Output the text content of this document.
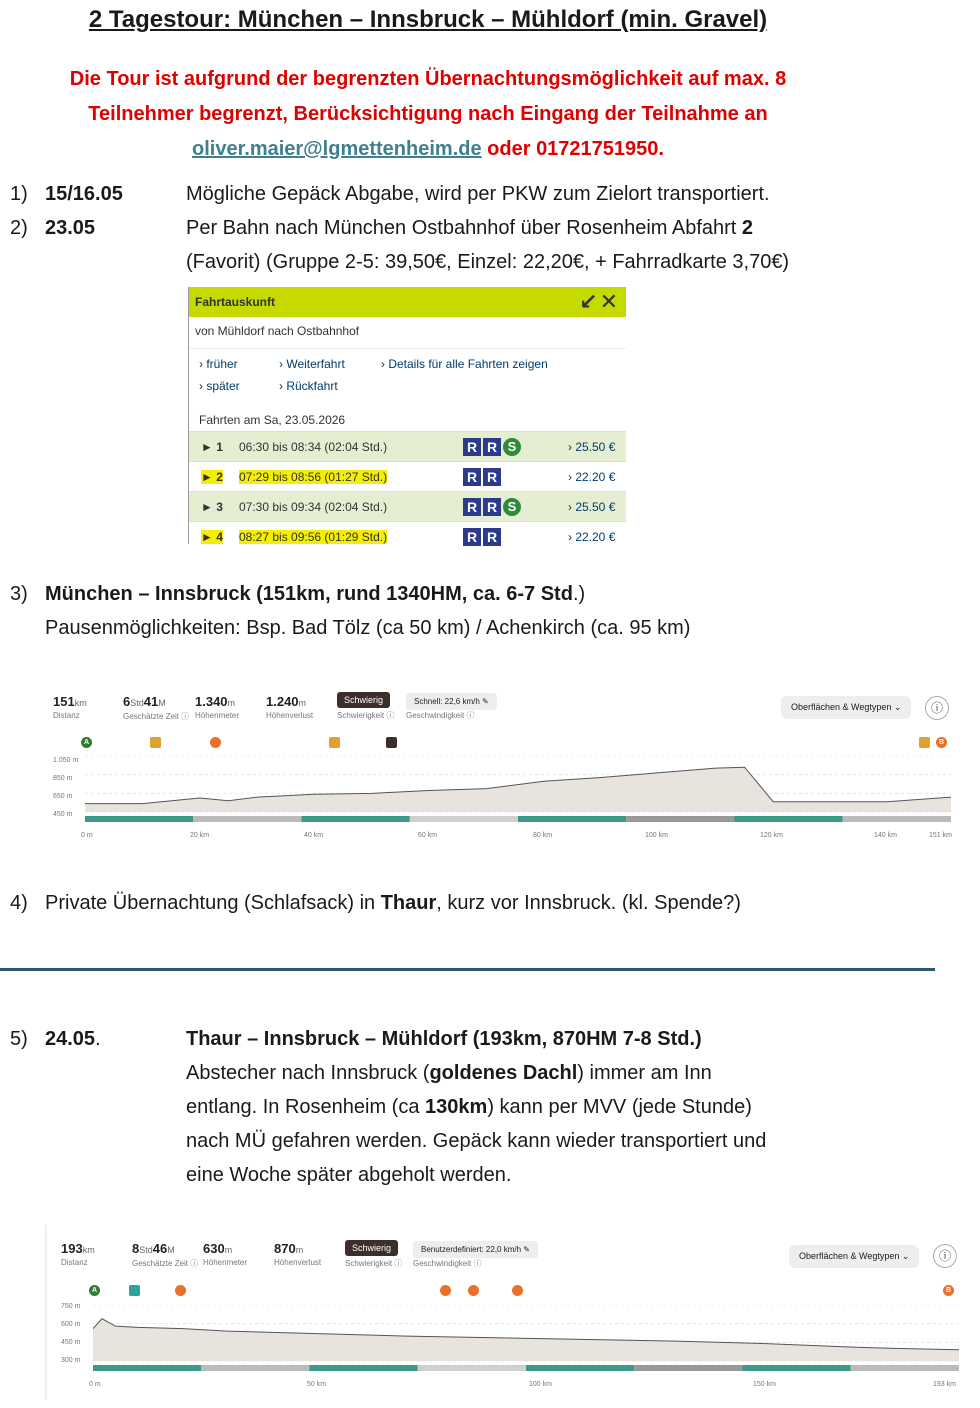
2 Tagestour: München – Innsbruck – Mühldorf (min. Gravel)
Die Tour ist aufgrund der begrenzten Übernachtungsmöglichkeit auf max. 8
Teilnehmer begrenzt, Berücksichtigung nach Eingang der Teilnahme an
oliver.maier@lgmettenheim.de oder 01721751950.
1) 15/16.05	Mögliche Gepäck Abgabe, wird per PKW zum Zielort transportiert.
2) 23.05	Per Bahn nach München Ostbahnhof über Rosenheim Abfahrt 2
(Favorit) (Gruppe 2-5: 39,50€, Einzel: 22,20€, + Fahrradkarte 3,70€)
Fahrtauskunft	↙✕
von Mühldorf nach Ostbahnhof
› früher	› Weiterfahrt	› Details für alle Fahrten zeigen
› später	› Rückfahrt
Fahrten am Sa, 23.05.2026
► 1	06:30 bis 08:34 (02:04 Std.)	R R S	› 25.50 €
► 2	07:29 bis 08:56 (01:27 Std.)	R R	› 22.20 €
► 3	07:30 bis 09:34 (02:04 Std.)	R R S	› 25.50 €
► 4	08:27 bis 09:56 (01:29 Std.)	R R	› 22.20 €
3) München – Innsbruck (151km, rund 1340HM, ca. 6-7 Std.)
Pausenmöglichkeiten: Bsp. Bad Tölz (ca 50 km) / Achenkirch (ca. 95 km)
151km
Distanz
6Std41M
Geschätzte Zeit ⓘ
1.340m
Höhenmeter
1.240m
Höhenverlust
Schwierig
Schwierigkeit ⓘ
Schnell: 22,6 km/h ✎
Geschwindigkeit ⓘ
Oberflächen & Wegtypen ⌄	ⓘ
A	B
1.050 m
850 m
650 m
450 m
0 m	20 km	40 km	60 km	80 km	100 km	120 km	140 km	151 km
4) Private Übernachtung (Schlafsack) in Thaur, kurz vor Innsbruck. (kl. Spende?)
5) 24.05.	Thaur – Innsbruck – Mühldorf (193km, 870HM 7-8 Std.)
Abstecher nach Innsbruck (goldenes Dachl) immer am Inn
entlang. In Rosenheim (ca 130km) kann per MVV (jede Stunde)
nach MÜ gefahren werden. Gepäck kann wieder transportiert und
eine Woche später abgeholt werden.
193km
Distanz
8Std46M
Geschätzte Zeit ⓘ
630m
Höhenmeter
870m
Höhenverlust
Schwierig
Schwierigkeit ⓘ
Benutzerdefiniert: 22,0 km/h ✎
Geschwindigkeit ⓘ
Oberflächen & Wegtypen ⌄	ⓘ
A	B
750 m
600 m
450 m
300 m
0 m	50 km	100 km	150 km	193 km
